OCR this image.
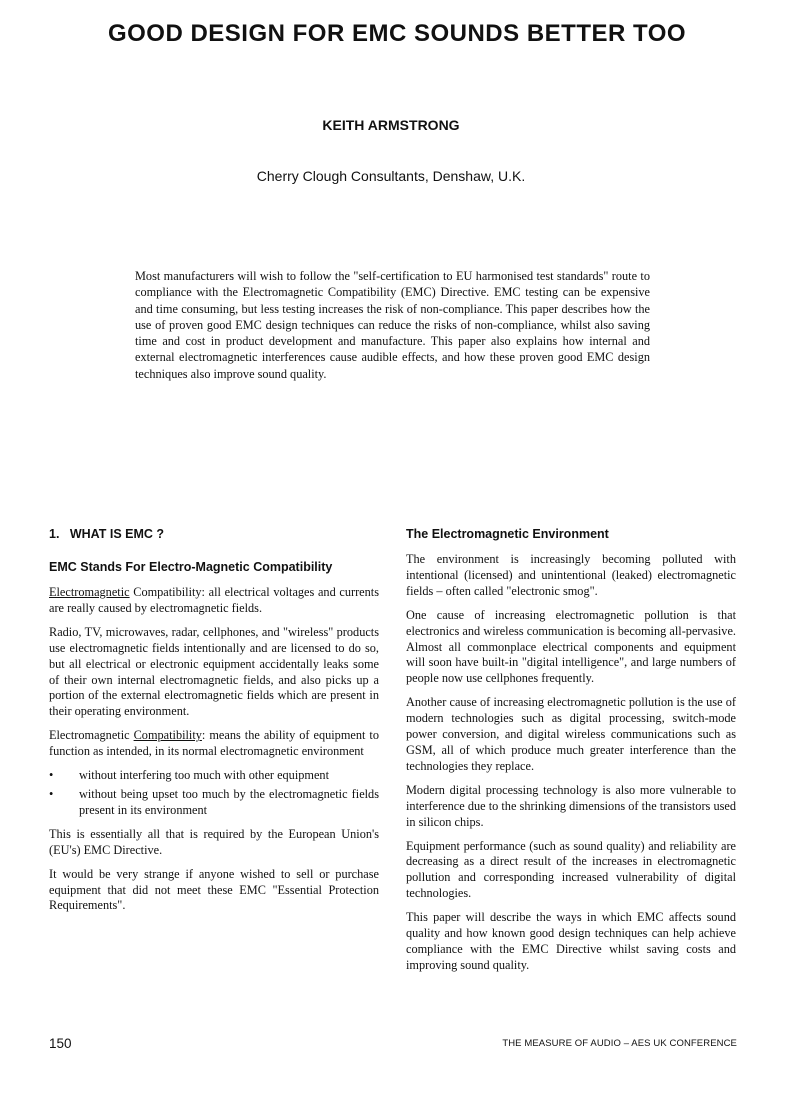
GOOD DESIGN FOR EMC SOUNDS BETTER TOO

KEITH ARMSTRONG

Cherry Clough Consultants, Denshaw, U.K.

Most manufacturers will wish to follow the "self-certification to EU harmonised test standards" route to compliance with the Electromagnetic Compatibility (EMC) Directive. EMC testing can be expensive and time consuming, but less testing increases the risk of non-compliance. This paper describes how the use of proven good EMC design techniques can reduce the risks of non-compliance, whilst also saving time and cost in product development and manufacture. This paper also explains how internal and external electromagnetic interferences cause audible effects, and how these proven good EMC design techniques also improve sound quality.

1.   WHAT IS EMC ?
EMC Stands For Electro-Magnetic Compatibility

Electromagnetic Compatibility: all electrical voltages and currents are really caused by electromagnetic fields.

Radio, TV, microwaves, radar, cellphones, and "wireless" products use electromagnetic fields intentionally and are licensed to do so, but all electrical or electronic equipment accidentally leaks some of their own internal electromagnetic fields, and also picks up a portion of the external electromagnetic fields which are present in their operating environment.

Electromagnetic Compatibility: means the ability of equipment to function as intended, in its normal electromagnetic environment

• without interfering too much with other equipment
• without being upset too much by the electromagnetic fields present in its environment

This is essentially all that is required by the European Union's (EU's) EMC Directive.

It would be very strange if anyone wished to sell or purchase equipment that did not meet these EMC "Essential Protection Requirements".

The Electromagnetic Environment

The environment is increasingly becoming polluted with intentional (licensed) and unintentional (leaked) electromagnetic fields – often called "electronic smog".

One cause of increasing electromagnetic pollution is that electronics and wireless communication is becoming all-pervasive. Almost all commonplace electrical components and equipment will soon have built-in "digital intelligence", and large numbers of people now use cellphones frequently.

Another cause of increasing electromagnetic pollution is the use of modern technologies such as digital processing, switch-mode power conversion, and digital wireless communications such as GSM, all of which produce much greater interference than the technologies they replace.

Modern digital processing technology is also more vulnerable to interference due to the shrinking dimensions of the transistors used in silicon chips.

Equipment performance (such as sound quality) and reliability are decreasing as a direct result of the increases in electromagnetic pollution and corresponding increased vulnerability of digital technologies.

This paper will describe the ways in which EMC affects sound quality and how known good design techniques can help achieve compliance with the EMC Directive whilst saving costs and improving sound quality.

150	THE MEASURE OF AUDIO – AES UK CONFERENCE
